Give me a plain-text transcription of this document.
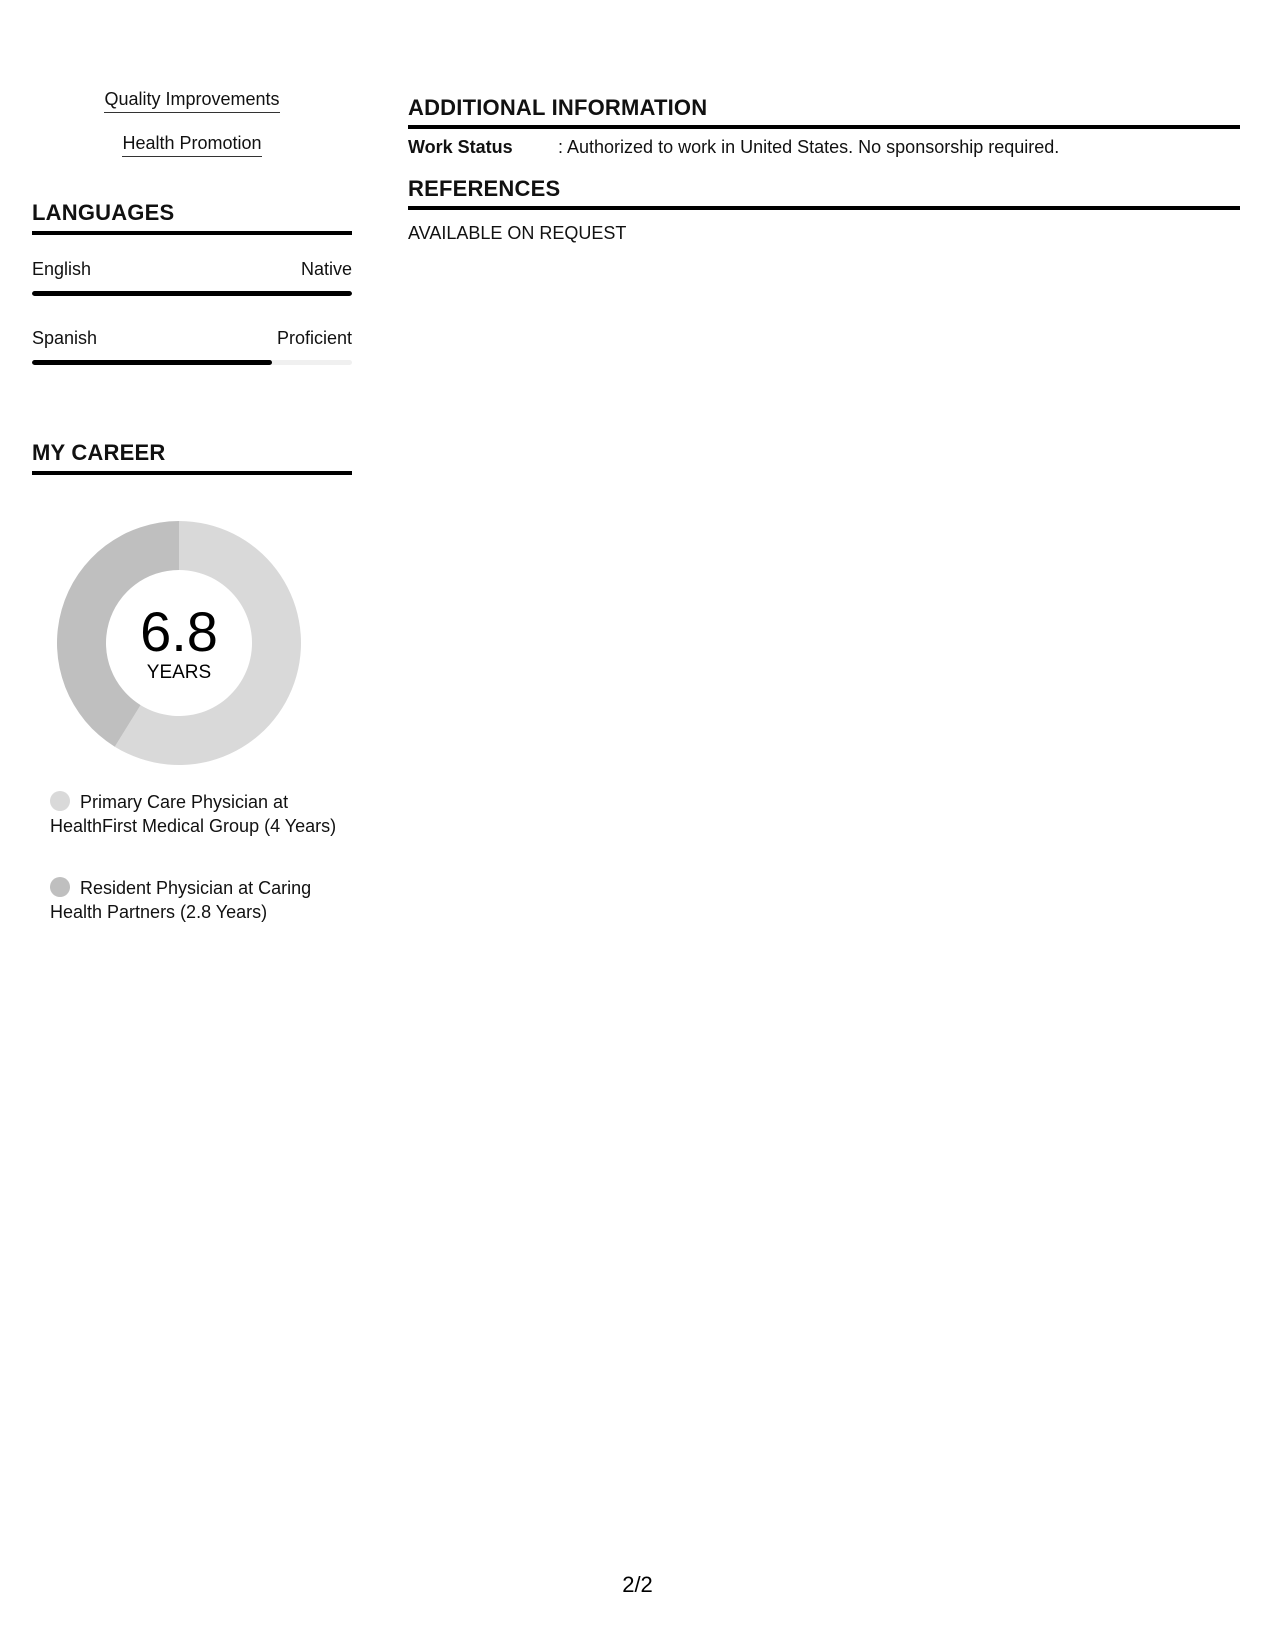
Quality Improvements
Health Promotion
LANGUAGES
English	Native
Spanish	Proficient
MY CAREER
6.8
YEARS
Primary Care Physician at HealthFirst Medical Group (4 Years)
Resident Physician at Caring Health Partners (2.8 Years)
ADDITIONAL INFORMATION
Work Status	: Authorized to work in United States. No sponsorship required.
REFERENCES
AVAILABLE ON REQUEST
2/2
